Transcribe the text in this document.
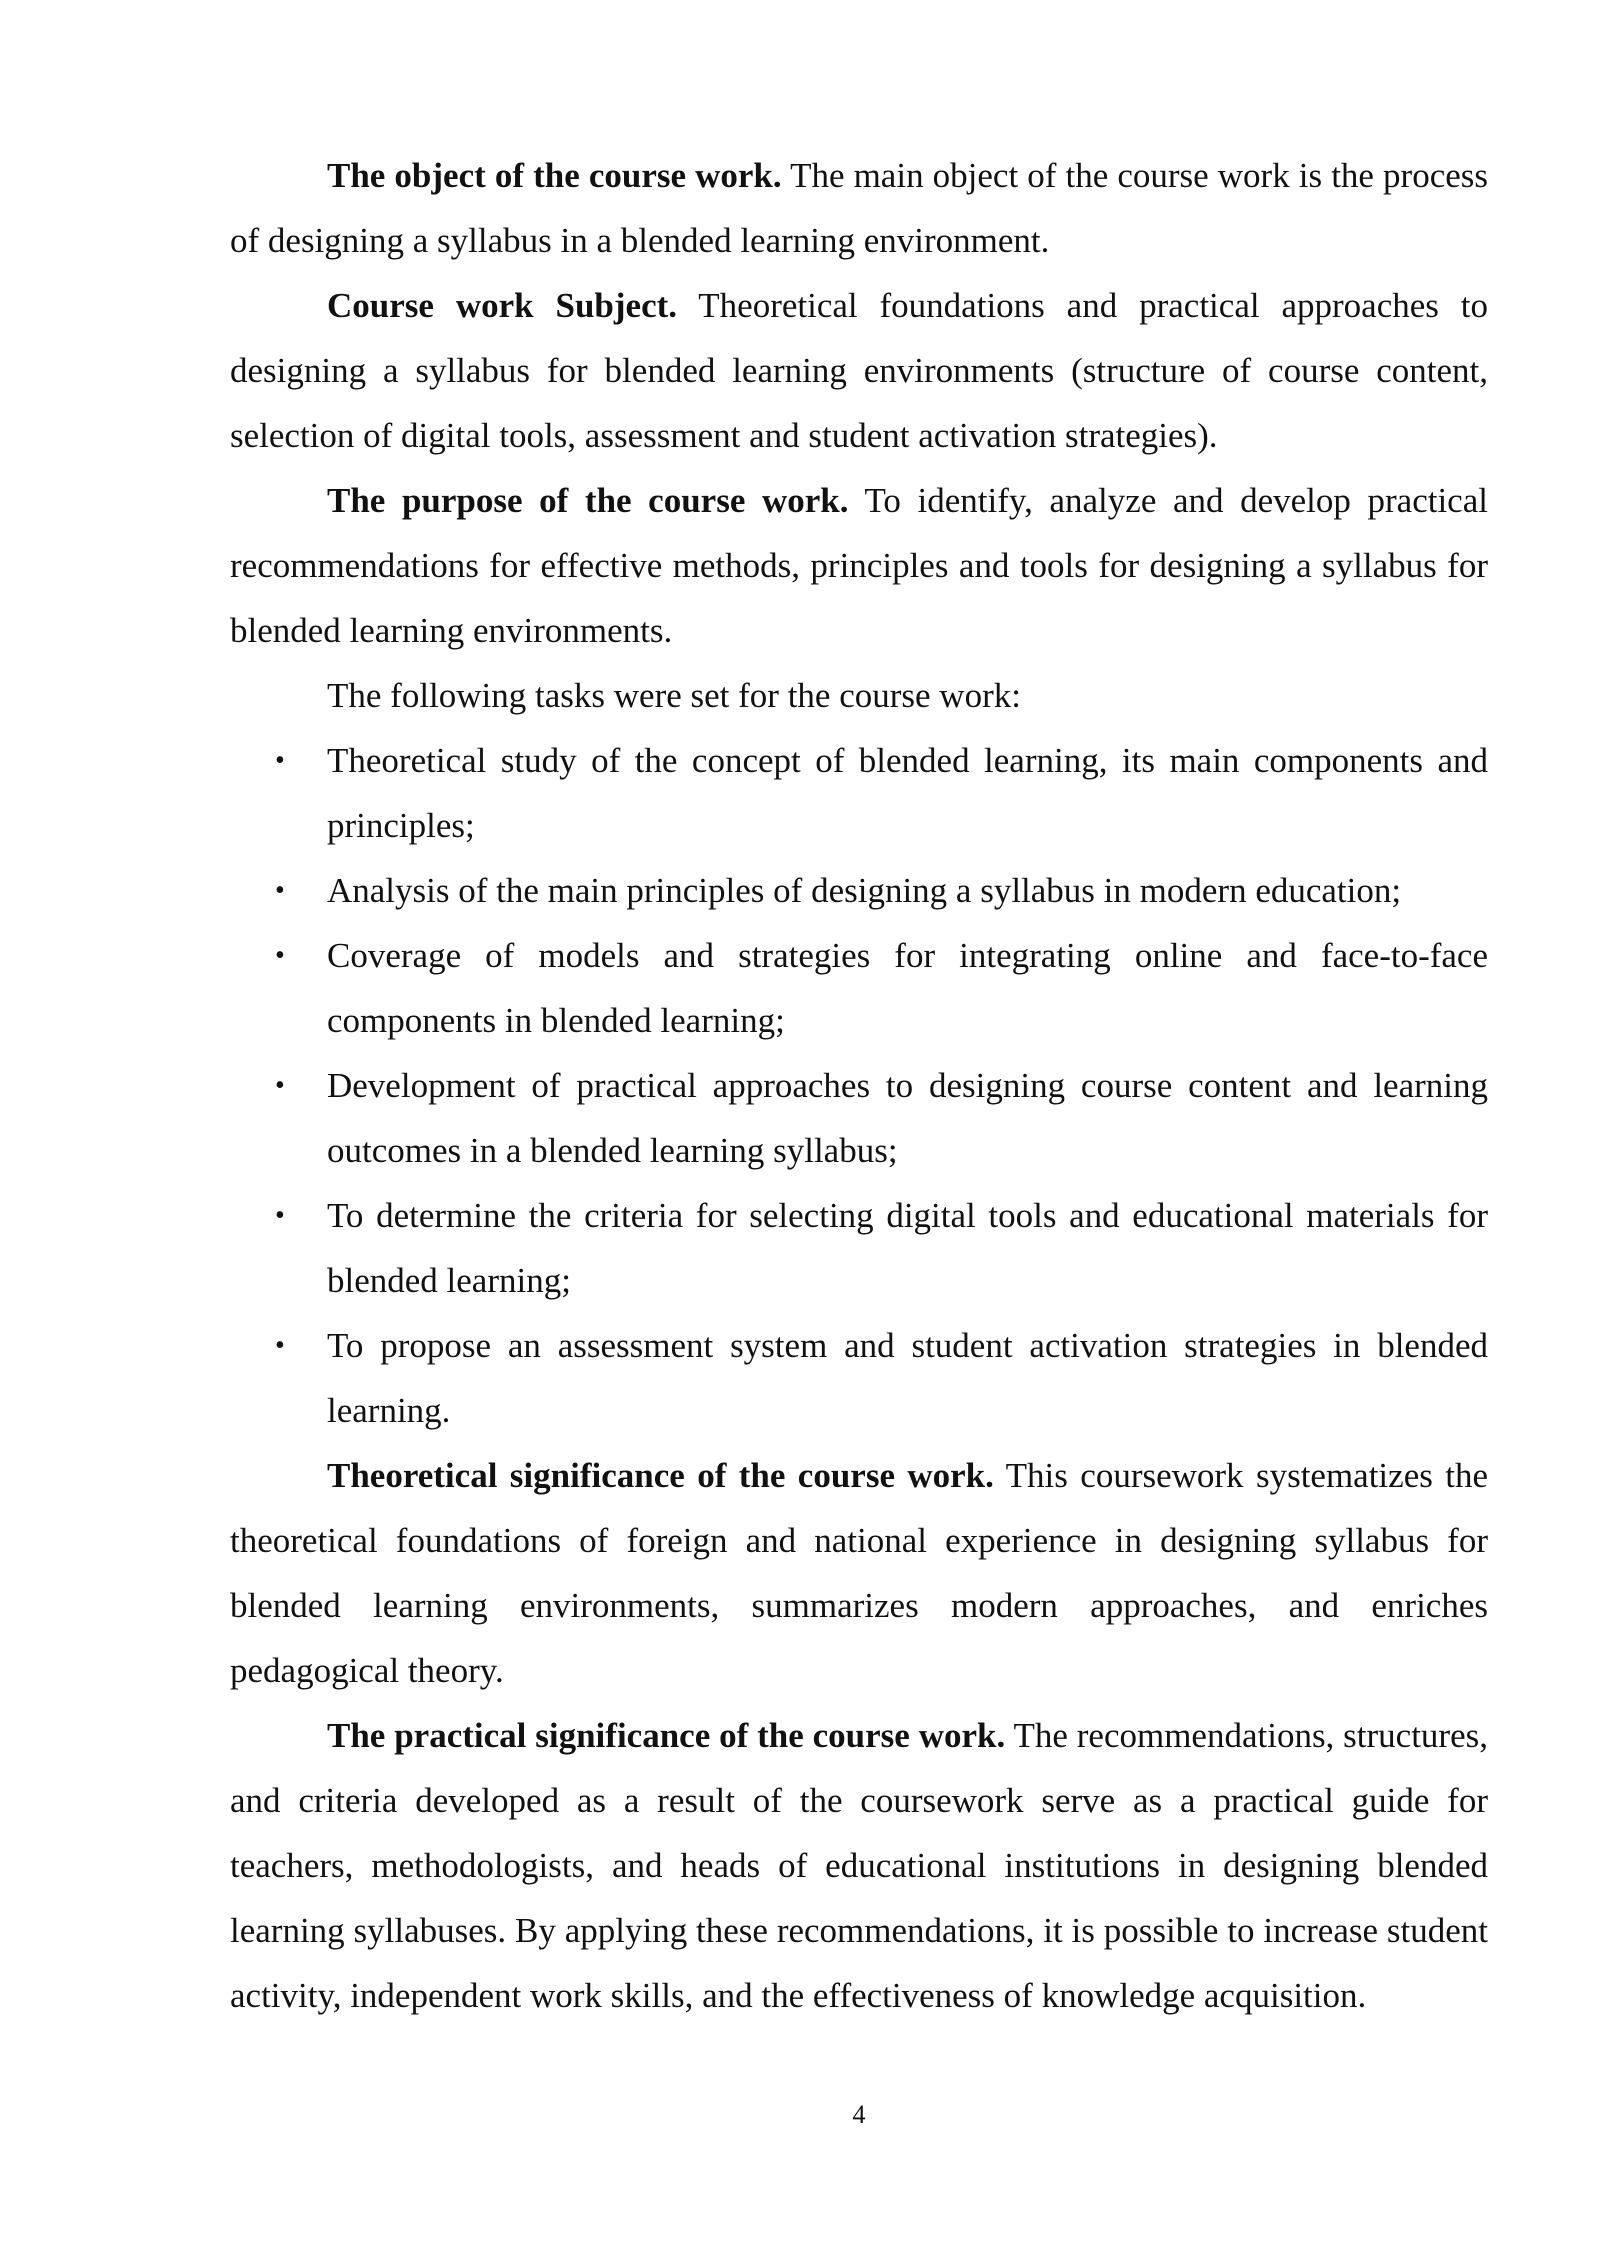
The object of the course work. The main object of the course work is the process of designing a syllabus in a blended learning environment.

Course work Subject. Theoretical foundations and practical approaches to designing a syllabus for blended learning environments (structure of course content, selection of digital tools, assessment and student activation strategies).

The purpose of the course work. To identify, analyze and develop practical recommendations for effective methods, principles and tools for designing a syllabus for blended learning environments.

The following tasks were set for the course work:

• Theoretical study of the concept of blended learning, its main components and principles;
• Analysis of the main principles of designing a syllabus in modern education;
• Coverage of models and strategies for integrating online and face-to-face components in blended learning;
• Development of practical approaches to designing course content and learning outcomes in a blended learning syllabus;
• To determine the criteria for selecting digital tools and educational materials for blended learning;
• To propose an assessment system and student activation strategies in blended learning.

Theoretical significance of the course work. This coursework systematizes the theoretical foundations of foreign and national experience in designing syllabus for blended learning environments, summarizes modern approaches, and enriches pedagogical theory.

The practical significance of the course work. The recommendations, structures, and criteria developed as a result of the coursework serve as a practical guide for teachers, methodologists, and heads of educational institutions in designing blended learning syllabuses. By applying these recommendations, it is possible to increase student activity, independent work skills, and the effectiveness of knowledge acquisition.

4
